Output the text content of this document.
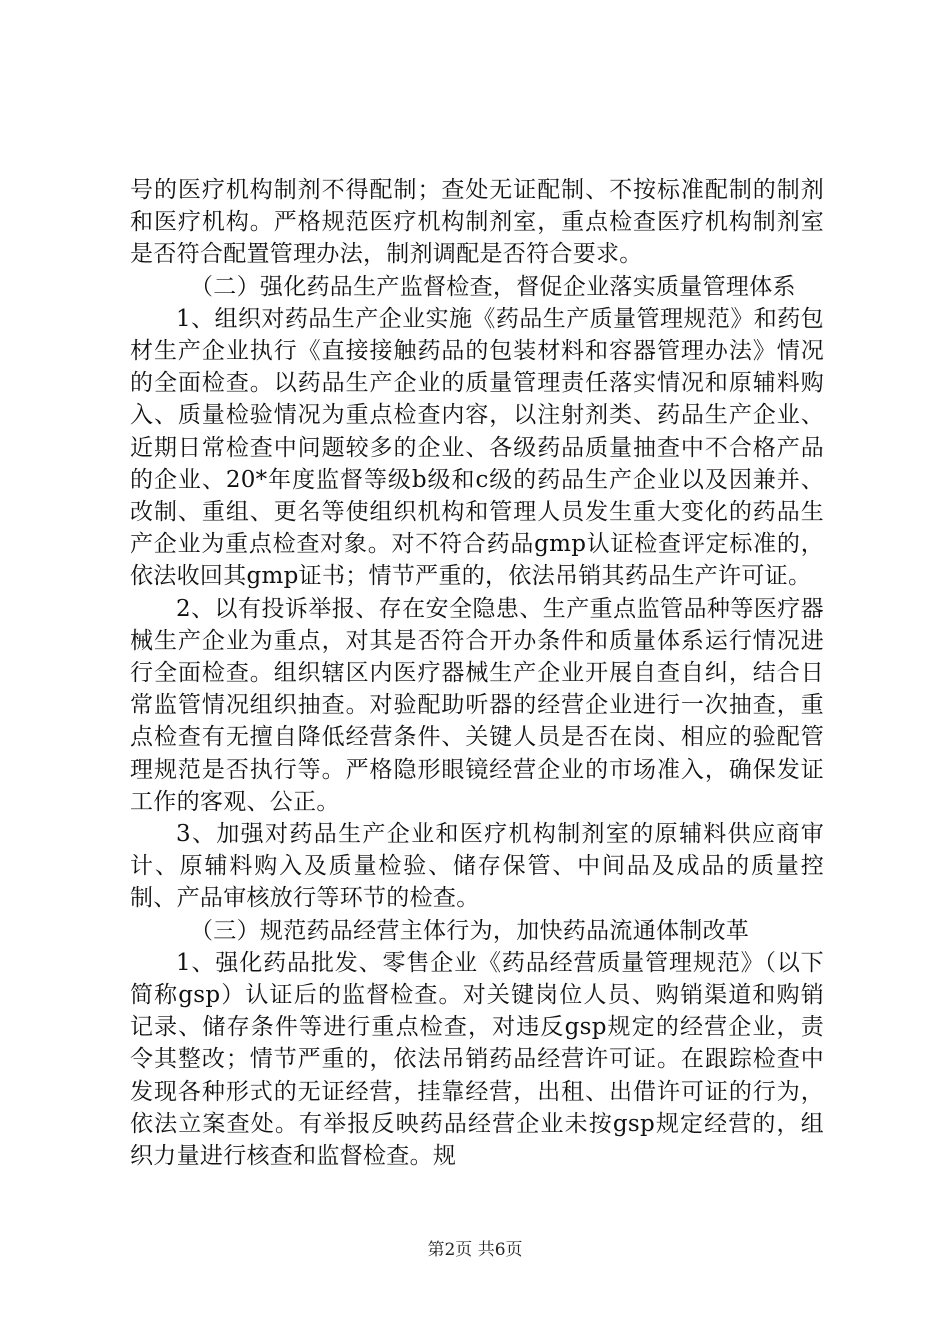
号的医疗机构制剂不得配制；查处无证配制、不按标准配制的制剂和医疗机构。严格规范医疗机构制剂室，重点检查医疗机构制剂室是否符合配置管理办法，制剂调配是否符合要求。

（二）强化药品生产监督检查，督促企业落实质量管理体系

1、组织对药品生产企业实施《药品生产质量管理规范》和药包材生产企业执行《直接接触药品的包装材料和容器管理办法》情况的全面检查。以药品生产企业的质量管理责任落实情况和原辅料购入、质量检验情况为重点检查内容，以注射剂类、药品生产企业、近期日常检查中问题较多的企业、各级药品质量抽查中不合格产品的企业、20*年度监督等级b级和c级的药品生产企业以及因兼并、改制、重组、更名等使组织机构和管理人员发生重大变化的药品生产企业为重点检查对象。对不符合药品gmp认证检查评定标准的，依法收回其gmp证书；情节严重的，依法吊销其药品生产许可证。

2、以有投诉举报、存在安全隐患、生产重点监管品种等医疗器械生产企业为重点，对其是否符合开办条件和质量体系运行情况进行全面检查。组织辖区内医疗器械生产企业开展自查自纠，结合日常监管情况组织抽查。对验配助听器的经营企业进行一次抽查，重点检查有无擅自降低经营条件、关键人员是否在岗、相应的验配管理规范是否执行等。严格隐形眼镜经营企业的市场准入，确保发证工作的客观、公正。

3、加强对药品生产企业和医疗机构制剂室的原辅料供应商审计、原辅料购入及质量检验、储存保管、中间品及成品的质量控制、产品审核放行等环节的检查。

（三）规范药品经营主体行为，加快药品流通体制改革

1、强化药品批发、零售企业《药品经营质量管理规范》（以下简称gsp）认证后的监督检查。对关键岗位人员、购销渠道和购销记录、储存条件等进行重点检查，对违反gsp规定的经营企业，责令其整改；情节严重的，依法吊销药品经营许可证。在跟踪检查中发现各种形式的无证经营，挂靠经营，出租、出借许可证的行为，依法立案查处。有举报反映药品经营企业未按gsp规定经营的，组织力量进行核查和监督检查。规

第2页 共6页
